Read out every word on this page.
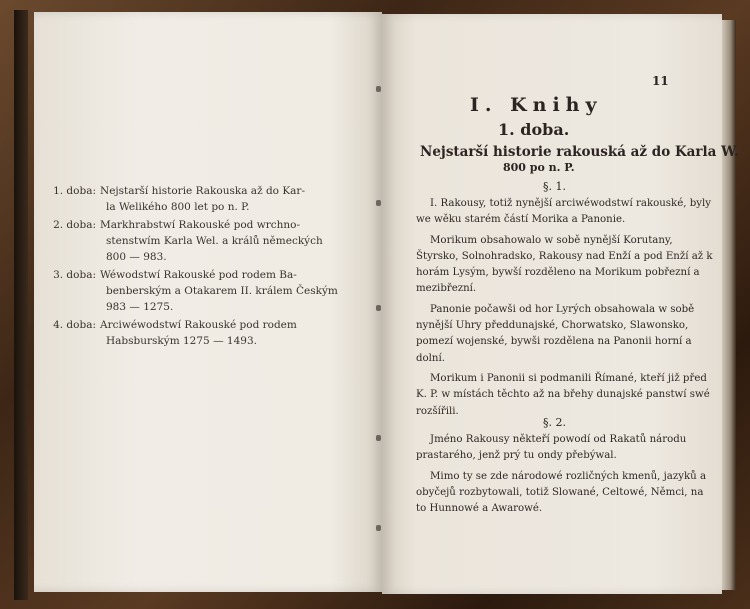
1. doba: Nejstarší historie Rakouska až do Kar-
la Welikého 800 let po n. P.
2. doba: Markhrabstwí Rakouské pod wrchno-
stenstwím Karla Wel. a králů německých 800 — 983.
3. doba: Wéwodstwí Rakouské pod rodem Ba-
benberským a Otakarem II. králem Českým 983 — 1275.
4. doba: Arciwéwodstwí Rakouské pod rodem
Habsburským 1275 — 1493.
11
I. Knihy
1. doba.
Nejstarší historie rakouská až do Karla W.
800 po n. P.
§. 1.

I. Rakousy, totiž nynější arciwéwodstwí rakouské, byly we wěku starém částí Morika a Panonie.

Morikum obsahowalo w sobě nynější Korutany, Štyrsko, Solnohradsko, Rakousy nad Enží a pod Enží až k horám Lysým, bywší rozděleno na Morikum pobřezní a mezibřezní.

Panonie počawši od hor Lyrých obsahowala w sobě nynější Uhry předdunajské, Chorwatsko, Slawonsko, pomezí wojenské, bywši rozdělena na Panonii horní a dolní.

Morikum i Panonii si podmanili Římané, kteří již před K. P. w místách těchto až na břehy dunajské panstwí swé rozšířili.

§. 2.

Jméno Rakousy někteří powodí od Rakatů národu prastarého, jenž prý tu ondy přebýwal.

Mimo ty se zde národowé rozličných kmenů, jazyků a obyčejů rozbytowali, totiž Slowané, Celtowé, Němci, na to Hunnowé a Awarowé.
